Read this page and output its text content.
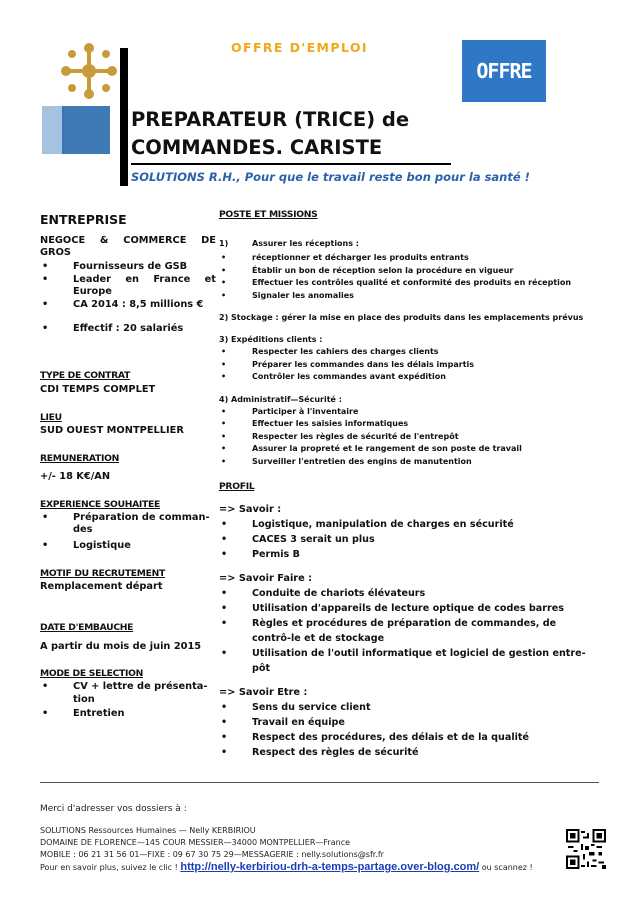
OFFRE D'EMPLOI
OFFRE
PREPARATEUR (TRICE) de
COMMANDES. CARISTE
SOLUTIONS R.H., Pour que le travail reste bon pour la santé !
ENTREPRISE
NEGOCE & COMMERCE DE GROS
• Fournisseurs de GSB
• Leader en France et Europe
• CA 2014 : 8,5 millions €
• Effectif : 20 salariés
TYPE DE CONTRAT
CDI TEMPS COMPLET
LIEU
SUD OUEST MONTPELLIER
REMUNERATION
+/- 18 K€/AN
EXPERIENCE SOUHAITEE
• Préparation de comman-des
• Logistique
MOTIF DU RECRUTEMENT
Remplacement départ
DATE D'EMBAUCHE
A partir du mois de juin 2015
MODE DE SELECTION
• CV + lettre de présenta-tion
• Entretien
POSTE ET MISSIONS
1)	Assurer les réceptions :
• réceptionner et décharger les produits entrants
• Établir un bon de réception selon la procédure en vigueur
• Effectuer les contrôles qualité et conformité des produits en réception
• Signaler les anomalies
2) Stockage : gérer la mise en place des produits dans les emplacements prévus
3) Expéditions clients :
• Respecter les cahiers des charges clients
• Préparer les commandes dans les délais impartis
• Contrôler les commandes avant expédition
4) Administratif—Sécurité :
• Participer à l'inventaire
• Effectuer les saisies informatiques
• Respecter les règles de sécurité de l'entrepôt
• Assurer la propreté et le rangement de son poste de travail
• Surveiller l'entretien des engins de manutention
PROFIL
=> Savoir :
• Logistique, manipulation de charges en sécurité
• CACES 3 serait un plus
• Permis B
=> Savoir Faire :
• Conduite de chariots élévateurs
• Utilisation d'appareils de lecture optique de codes barres
• Règles et procédures de préparation de commandes, de contrô-le et de stockage
• Utilisation de l'outil informatique et logiciel de gestion entre-pôt
=> Savoir Etre :
• Sens du service client
• Travail en équipe
• Respect des procédures, des délais et de la qualité
• Respect des règles de sécurité
Merci d'adresser vos dossiers à :
SOLUTIONS Ressources Humaines — Nelly KERBIRIOU
DOMAINE DE FLORENCE—145 COUR MESSIER—34000 MONTPELLIER—France
MOBILE : 06 21 31 56 01—FIXE : 09 67 30 75 29—MESSAGERIE : nelly.solutions@sfr.fr
Pour en savoir plus, suivez le clic ! http://nelly-kerbiriou-drh-a-temps-partage.over-blog.com/ ou scannez !
